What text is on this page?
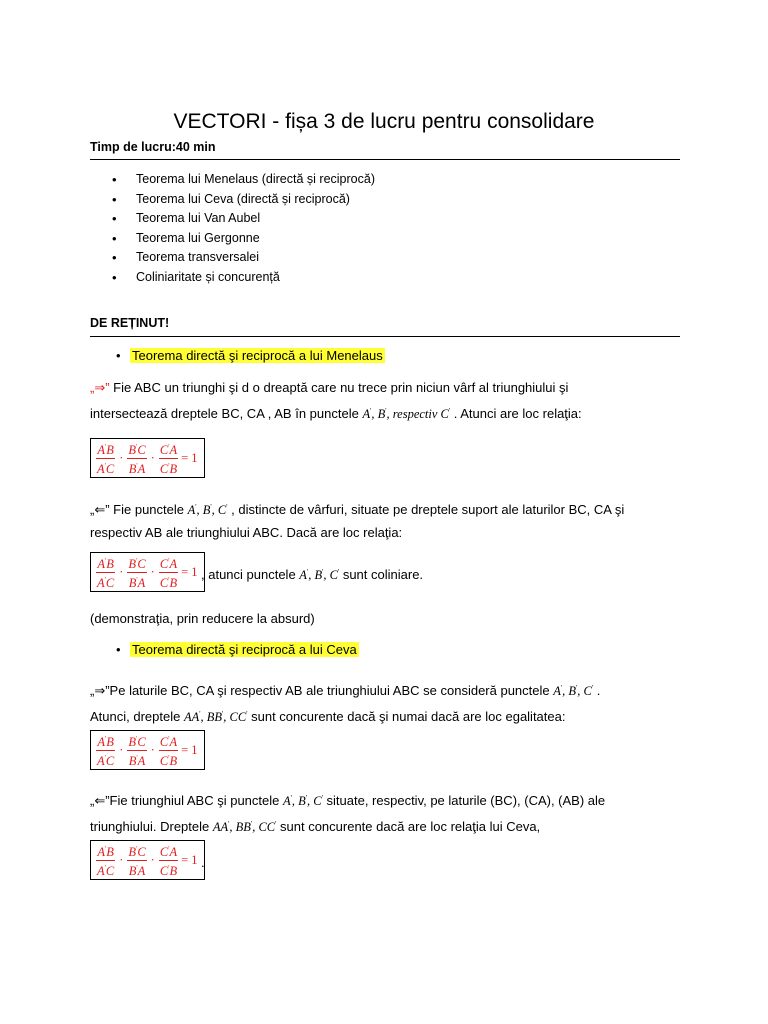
VECTORI - fișa 3 de lucru pentru consolidare
Timp de lucru:40 min
• Teorema lui Menelaus (directă și reciprocă)
• Teorema lui Ceva (directă și reciprocă)
• Teorema lui Van Aubel
• Teorema lui Gergonne
• Teorema transversalei
• Coliniaritate și concurență
DE REȚINUT!
• Teorema directă şi reciprocă a lui Menelaus
„⇒” Fie ABC un triunghi şi d o dreaptă care nu trece prin niciun vârf al triunghiului şi
intersectează dreptele BC, CA , AB în punctele A', B', respectiv C' . Atunci are loc relaţia:
$\frac{A'B}{A'C} \cdot \frac{B'C}{B'A} \cdot \frac{C'A}{C'B} = 1$
„⇐” Fie punctele A', B', C' , distincte de vârfuri, situate pe dreptele suport ale laturilor BC, CA şi
respectiv AB ale triunghiului ABC. Dacă are loc relaţia:
$\frac{A'B}{A'C} \cdot \frac{B'C}{B'A} \cdot \frac{C'A}{C'B} = 1$ , atunci punctele A', B', C' sunt coliniare.
(demonstraţia, prin reducere la absurd)
• Teorema directă şi reciprocă a lui Ceva
„⇒”Pe laturile BC, CA şi respectiv AB ale triunghiului ABC se consideră punctele A', B', C' .
Atunci, dreptele AA', BB', CC' sunt concurente dacă şi numai dacă are loc egalitatea:
$\frac{A'B}{A'C} \cdot \frac{B'C}{B'A} \cdot \frac{C'A}{C'B} = 1$
„⇐”Fie triunghiul ABC şi punctele A', B', C' situate, respectiv, pe laturile (BC), (CA), (AB) ale
triunghiului. Dreptele AA', BB', CC' sunt concurente dacă are loc relaţia lui Ceva,
$\frac{A'B}{A'C} \cdot \frac{B'C}{B'A} \cdot \frac{C'A}{C'B} = 1$ .
